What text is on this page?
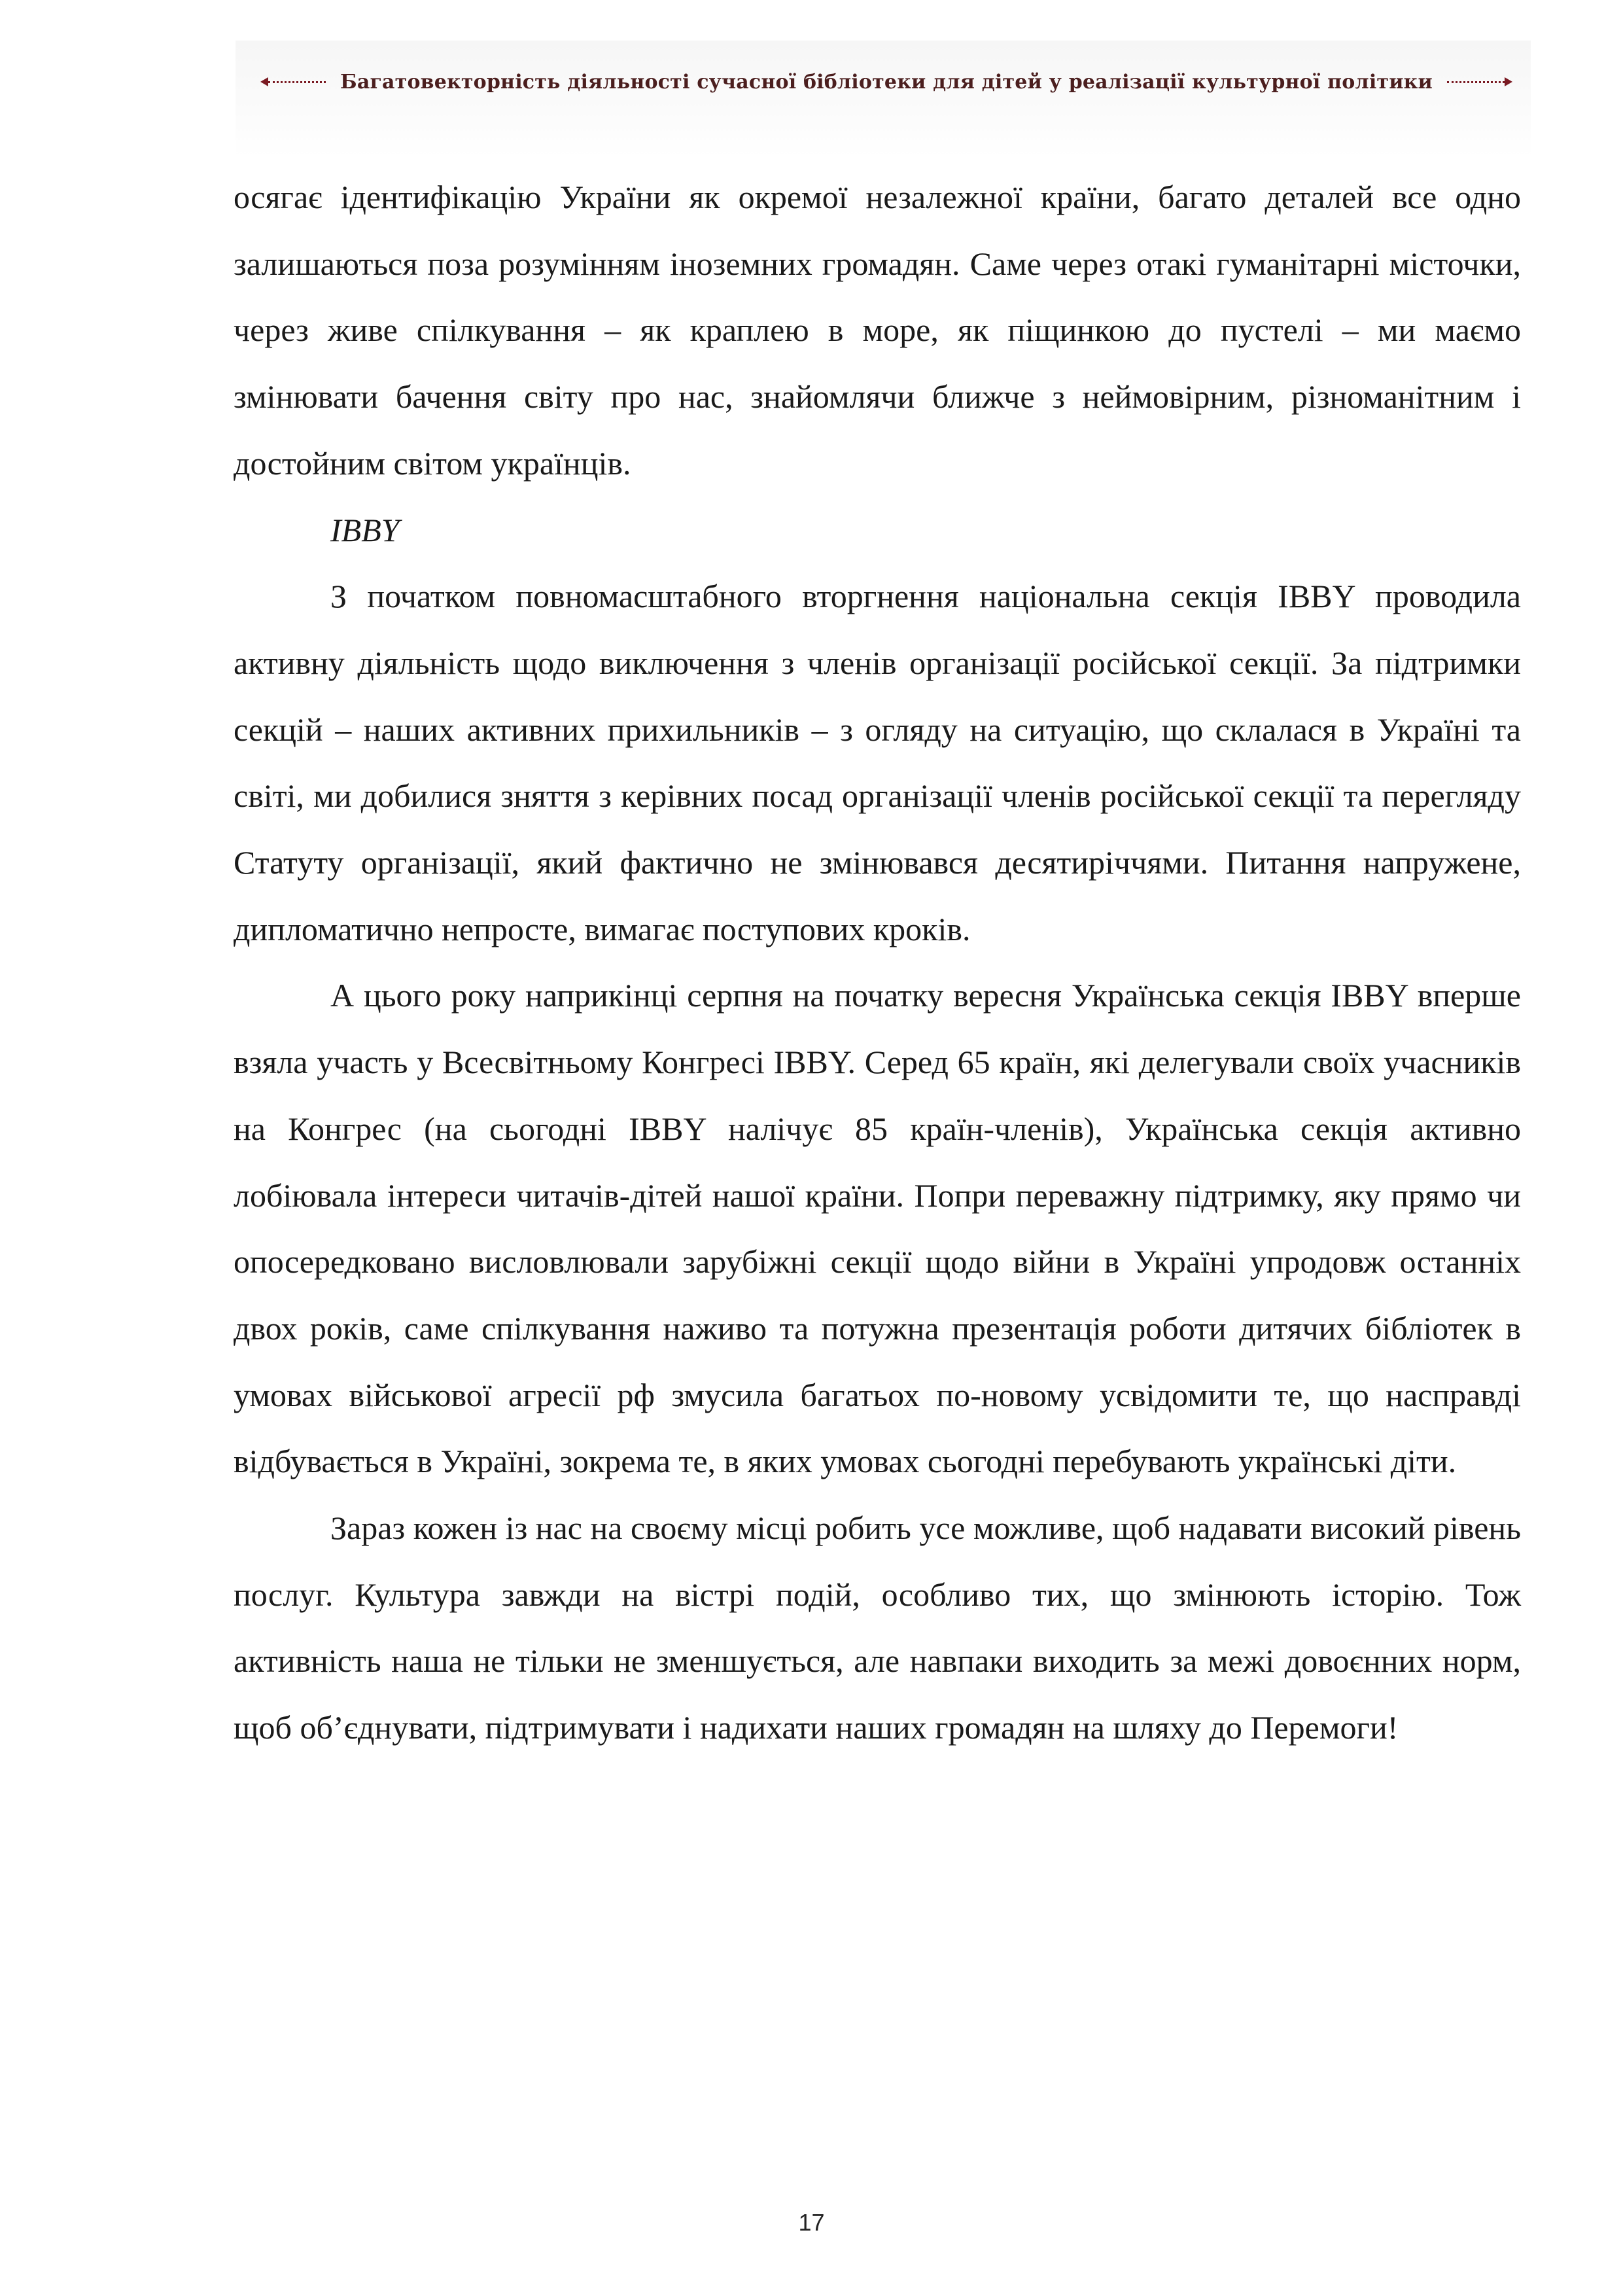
Багатовекторність діяльності сучасної бібліотеки для дітей у реалізації культурної політики

осягає ідентифікацію України як окремої незалежної країни, багато деталей все одно залишаються поза розумінням іноземних громадян. Саме через отакі гуманітарні місточки, через живе спілкування – як краплею в море, як піщинкою до пустелі – ми маємо змінювати бачення світу про нас, знайомлячи ближче з неймовірним, різноманітним і достойним світом українців.

IBBY

З початком повномасштабного вторгнення національна секція IBBY проводила активну діяльність щодо виключення з членів організації російської секції. За підтримки секцій – наших активних прихильників – з огляду на ситуацію, що склалася в Україні та світі, ми добилися зняття з керівних посад організації членів російської секції та перегляду Статуту організації, який фактично не змінювався десятиріччями. Питання напружене, дипломатично непросте, вимагає поступових кроків.

А цього року наприкінці серпня на початку вересня Українська секція IBBY вперше взяла участь у Всесвітньому Конгресі IBBY. Серед 65 країн, які делегували своїх учасників на Конгрес (на сьогодні IBBY налічує 85 країн-членів), Українська секція активно лобіювала інтереси читачів-дітей нашої країни. Попри переважну підтримку, яку прямо чи опосередковано висловлювали зарубіжні секції щодо війни в Україні упродовж останніх двох років, саме спілкування наживо та потужна презентація роботи дитячих бібліотек в умовах військової агресії рф змусила багатьох по-новому усвідомити те, що насправді відбувається в Україні, зокрема те, в яких умовах сьогодні перебувають українські діти.

Зараз кожен із нас на своєму місці робить усе можливе, щоб надавати високий рівень послуг. Культура завжди на вістрі подій, особливо тих, що змінюють історію. Тож активність наша не тільки не зменшується, але навпаки виходить за межі довоєнних норм, щоб об’єднувати, підтримувати і надихати наших громадян на шляху до Перемоги!

17
